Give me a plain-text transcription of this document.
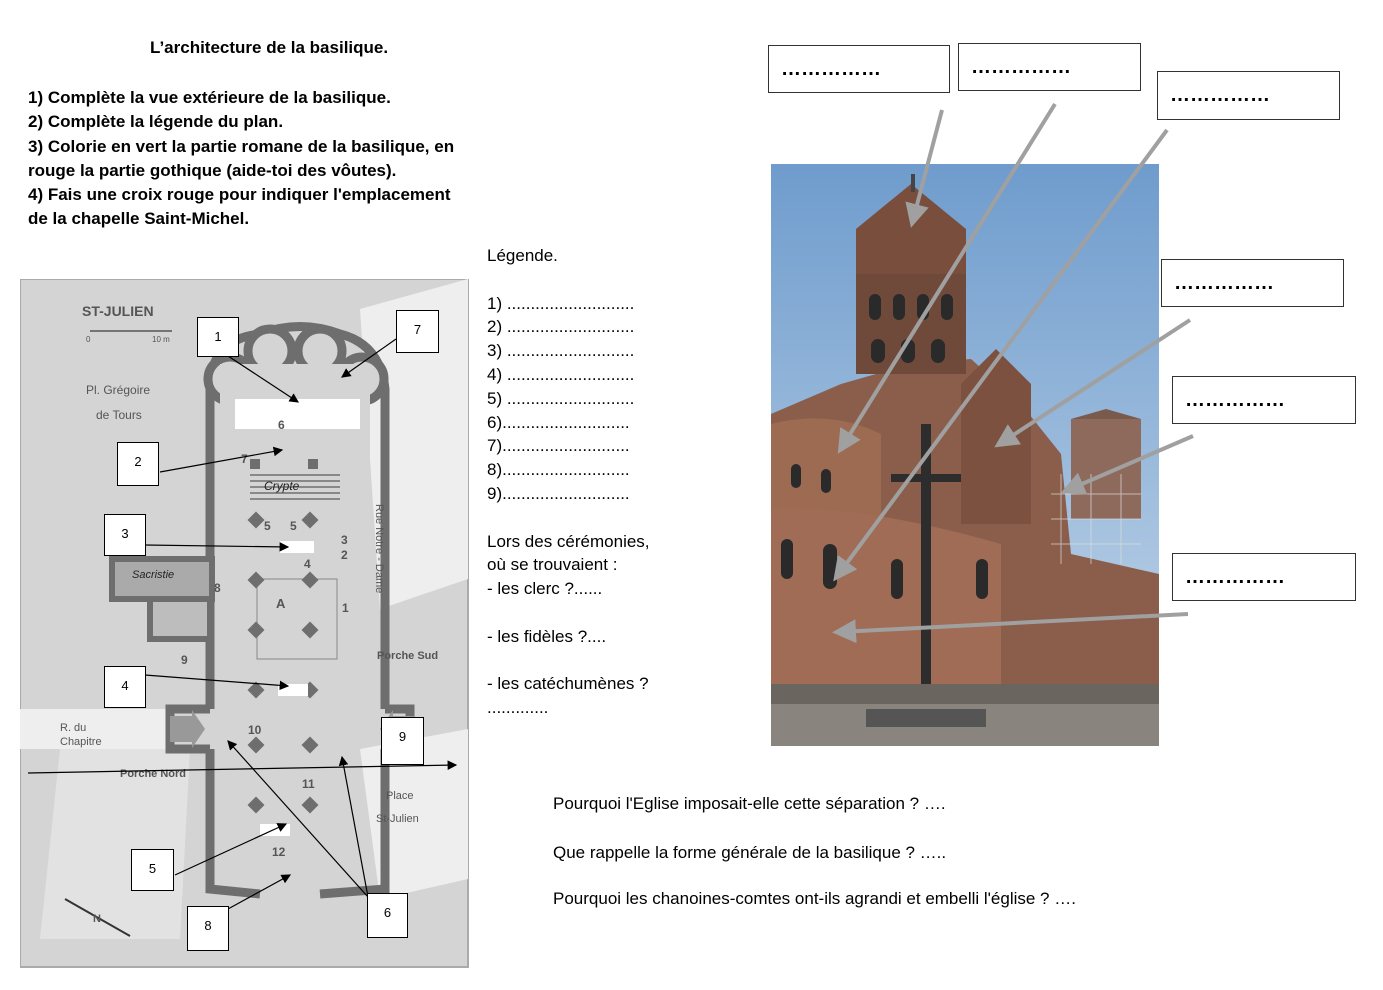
L’architecture de la basilique.
1) Complète la vue extérieure de la basilique.
2) Complète la légende du plan.
3) Colorie en vert la partie romane de la basilique, en
rouge la partie gothique (aide-toi des vôutes).
4) Fais une croix rouge pour indiquer l'emplacement
de la chapelle Saint-Michel.
ST-JULIEN
0	10 m
Pl. Grégoire
de Tours
Sacristie
Crypte
Rue Notre - Dame
Porche Sud
R. du
Chapitre
Porche Nord
Place
St-Julien
N
A
6
7
5 5
3
2
1
4
8
9
10
11
12
1
2
3
4
5
6
7
8
9
Légende.
1) ...........................
2) ...........................
3) ...........................
4) ...........................
5) ...........................
6)...........................
7)...........................
8)...........................
9)...........................
Lors des cérémonies,
où se trouvaient :
- les clerc ?......
- les fidèles ?....
- les catéchumènes ?
.............
……………	……………
……………
……………
……………
……………
Pourquoi l'Eglise imposait-elle cette séparation ? ….
Que rappelle la forme générale de la basilique ? …..
Pourquoi les chanoines-comtes ont-ils agrandi et embelli l'église ? ….
